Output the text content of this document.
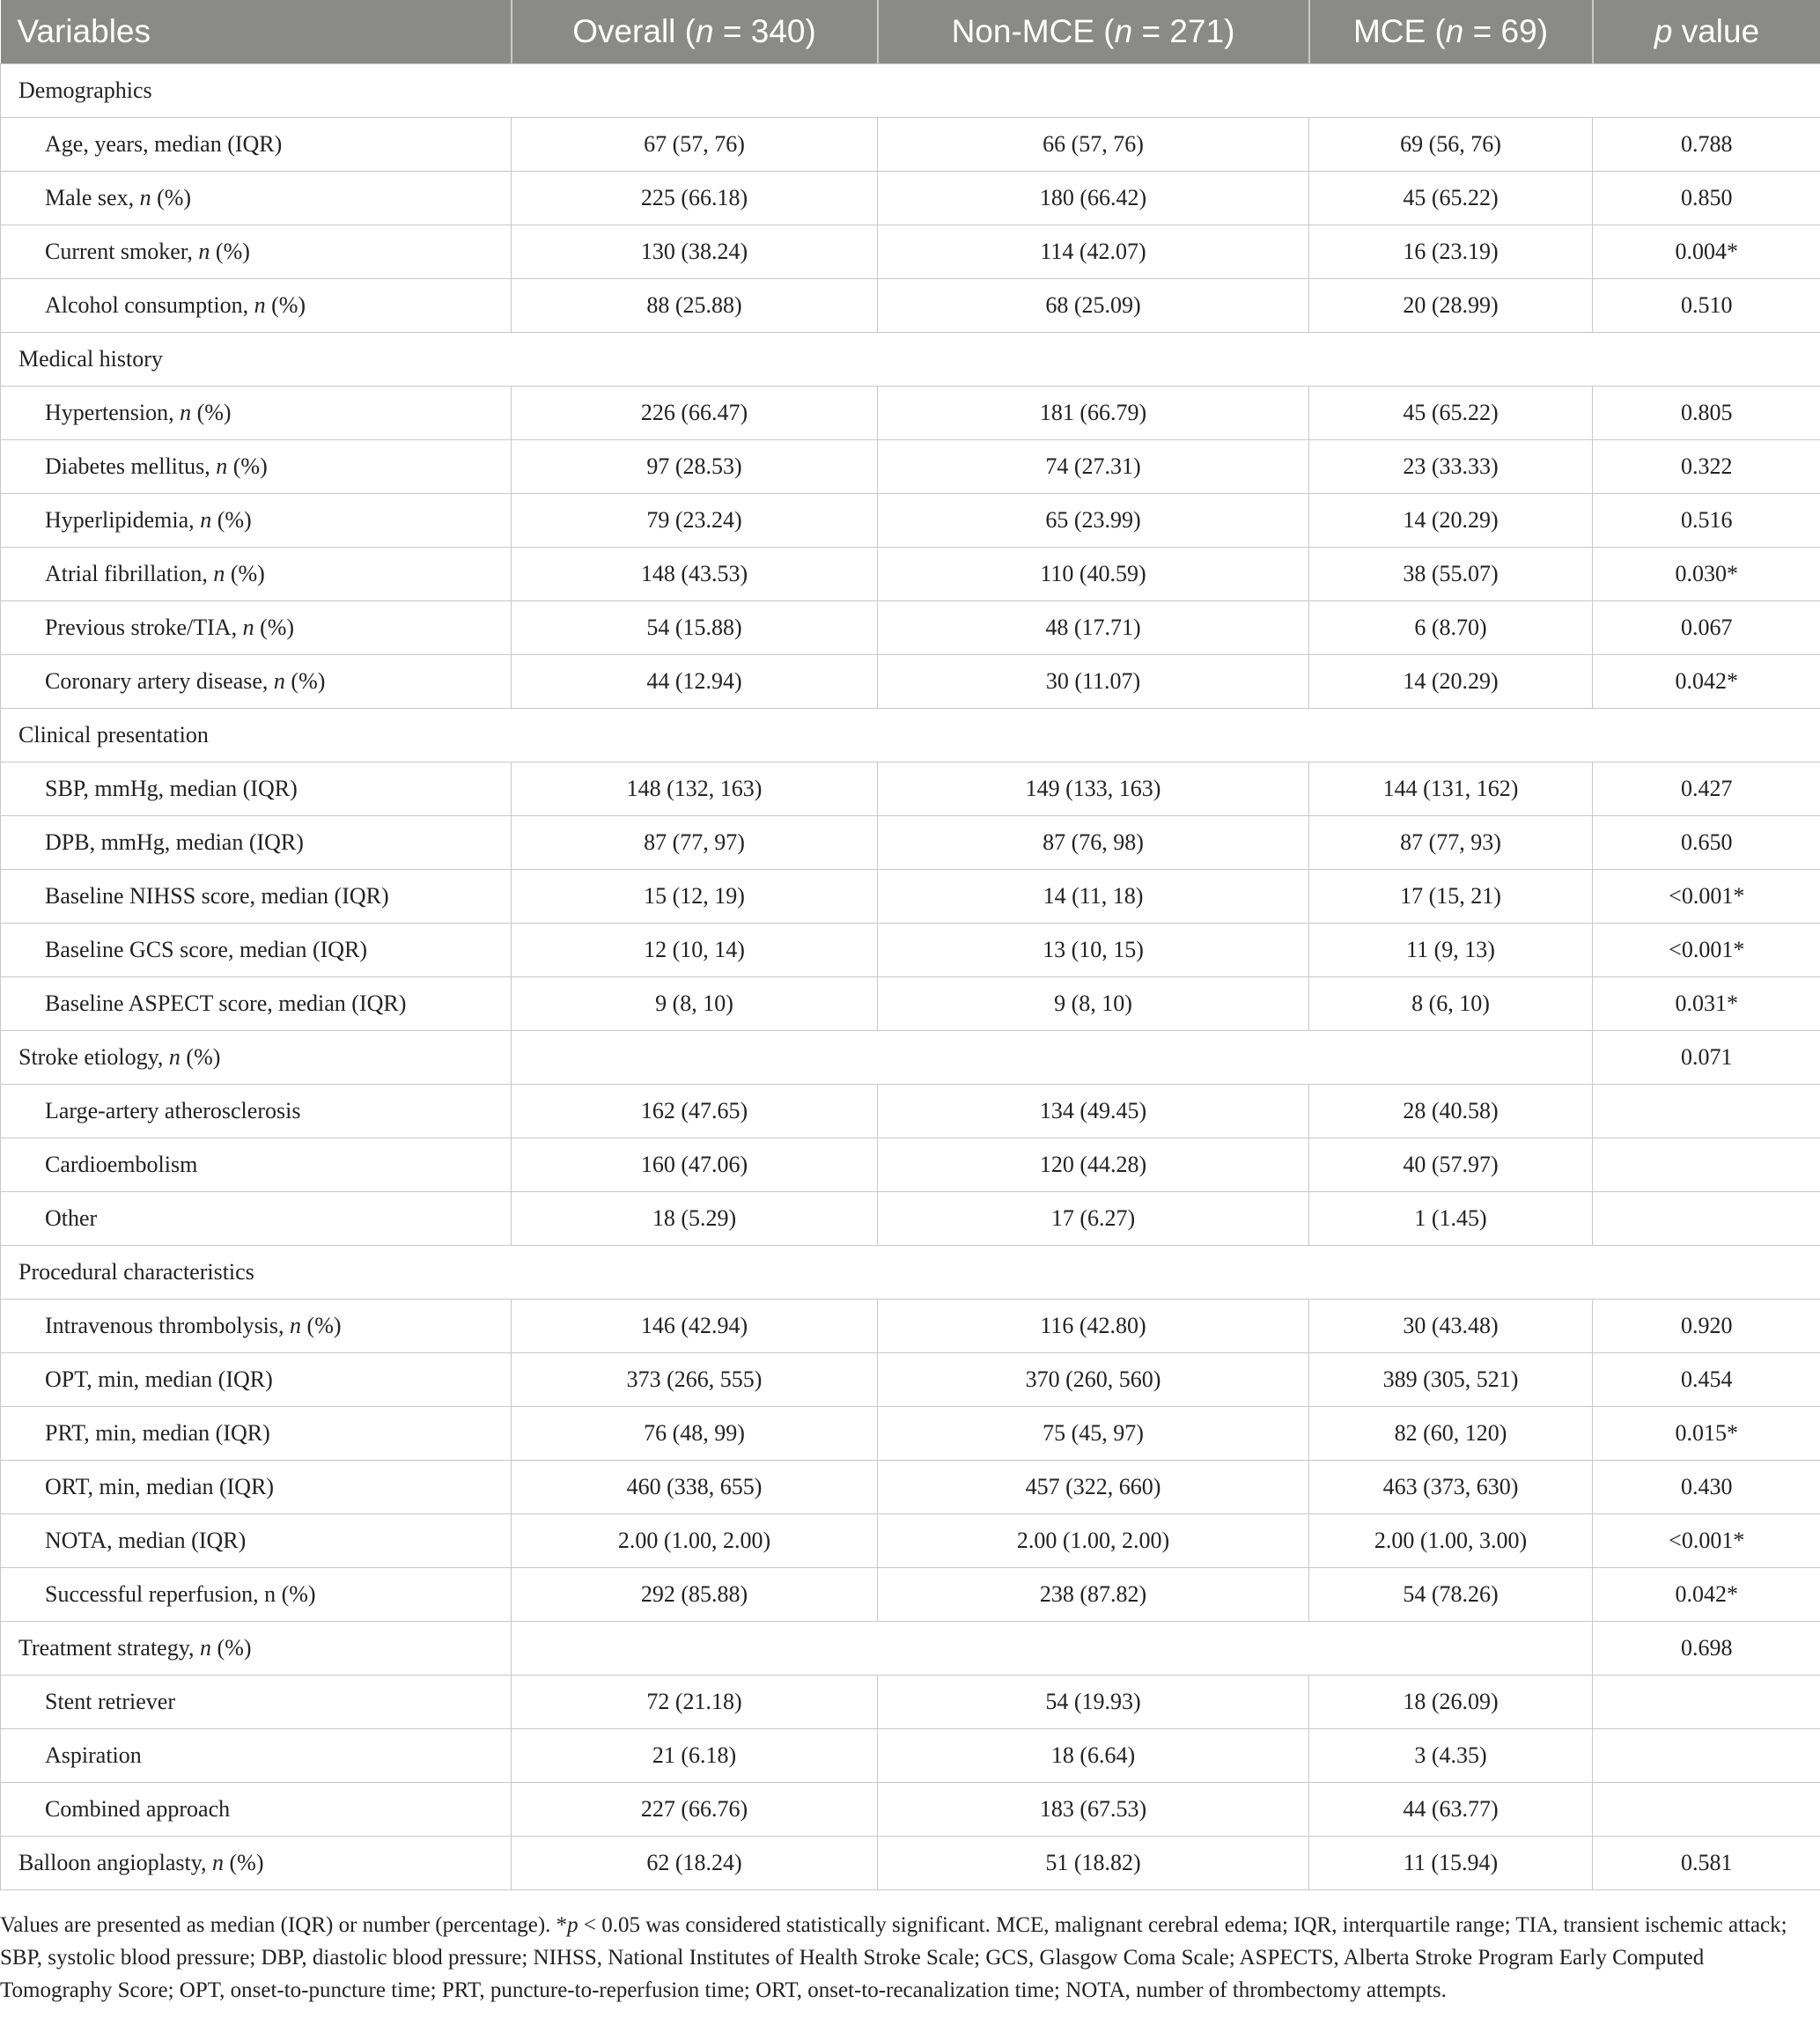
Variables	Overall (n = 340)	Non-MCE (n = 271)	MCE (n = 69)	p value
Demographics				
Age, years, median (IQR)	67 (57, 76)	66 (57, 76)	69 (56, 76)	0.788
Male sex, n (%)	225 (66.18)	180 (66.42)	45 (65.22)	0.850
Current smoker, n (%)	130 (38.24)	114 (42.07)	16 (23.19)	0.004*
Alcohol consumption, n (%)	88 (25.88)	68 (25.09)	20 (28.99)	0.510
Medical history				
Hypertension, n (%)	226 (66.47)	181 (66.79)	45 (65.22)	0.805
Diabetes mellitus, n (%)	97 (28.53)	74 (27.31)	23 (33.33)	0.322
Hyperlipidemia, n (%)	79 (23.24)	65 (23.99)	14 (20.29)	0.516
Atrial fibrillation, n (%)	148 (43.53)	110 (40.59)	38 (55.07)	0.030*
Previous stroke/TIA, n (%)	54 (15.88)	48 (17.71)	6 (8.70)	0.067
Coronary artery disease, n (%)	44 (12.94)	30 (11.07)	14 (20.29)	0.042*
Clinical presentation				
SBP, mmHg, median (IQR)	148 (132, 163)	149 (133, 163)	144 (131, 162)	0.427
DPB, mmHg, median (IQR)	87 (77, 97)	87 (76, 98)	87 (77, 93)	0.650
Baseline NIHSS score, median (IQR)	15 (12, 19)	14 (11, 18)	17 (15, 21)	<0.001*
Baseline GCS score, median (IQR)	12 (10, 14)	13 (10, 15)	11 (9, 13)	<0.001*
Baseline ASPECT score, median (IQR)	9 (8, 10)	9 (8, 10)	8 (6, 10)	0.031*
Stroke etiology, n (%)				0.071
Large-artery atherosclerosis	162 (47.65)	134 (49.45)	28 (40.58)	
Cardioembolism	160 (47.06)	120 (44.28)	40 (57.97)	
Other	18 (5.29)	17 (6.27)	1 (1.45)	
Procedural characteristics				
Intravenous thrombolysis, n (%)	146 (42.94)	116 (42.80)	30 (43.48)	0.920
OPT, min, median (IQR)	373 (266, 555)	370 (260, 560)	389 (305, 521)	0.454
PRT, min, median (IQR)	76 (48, 99)	75 (45, 97)	82 (60, 120)	0.015*
ORT, min, median (IQR)	460 (338, 655)	457 (322, 660)	463 (373, 630)	0.430
NOTA, median (IQR)	2.00 (1.00, 2.00)	2.00 (1.00, 2.00)	2.00 (1.00, 3.00)	<0.001*
Successful reperfusion, n (%)	292 (85.88)	238 (87.82)	54 (78.26)	0.042*
Treatment strategy, n (%)				0.698
Stent retriever	72 (21.18)	54 (19.93)	18 (26.09)	
Aspiration	21 (6.18)	18 (6.64)	3 (4.35)	
Combined approach	227 (66.76)	183 (67.53)	44 (63.77)	
Balloon angioplasty, n (%)	62 (18.24)	51 (18.82)	11 (15.94)	0.581
Values are presented as median (IQR) or number (percentage). *p < 0.05 was considered statistically significant. MCE, malignant cerebral edema; IQR, interquartile range; TIA, transient ischemic attack; SBP, systolic blood pressure; DBP, diastolic blood pressure; NIHSS, National Institutes of Health Stroke Scale; GCS, Glasgow Coma Scale; ASPECTS, Alberta Stroke Program Early Computed Tomography Score; OPT, onset-to-puncture time; PRT, puncture-to-reperfusion time; ORT, onset-to-recanalization time; NOTA, number of thrombectomy attempts.
